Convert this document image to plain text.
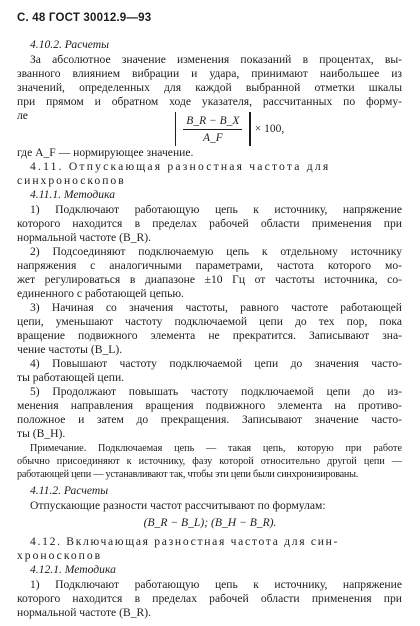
С. 48 ГОСТ 30012.9—93
4.10.2. Расчеты
За абсолютное значение изменения показаний в процентах, вы-
званного влиянием вибрации и удара, принимают наибольшее из
значений, определенных для каждой выбранной отметки шкалы
при прямом и обратном ходе указателя, рассчитанных по форму-
ле	$\frac{B\_R - B\_X}{A\_F} \times 100$,
где A_F — нормирующее значение.
4.11. Отпускающая разностная частота для
синхроноскопов
4.11.1. Методика
1) Подключают работающую цепь к источнику, напряжение
которого находится в пределах рабочей области применения при
нормальной частоте (B_R).
2) Подсоединяют подключаемую цепь к отдельному источнику
напряжения с аналогичными параметрами, частота которого мо-
жет регулироваться в диапазоне ±10 Гц от частоты источника, со-
единенного с работающей цепью.
3) Начиная со значения частоты, равного частоте работающей
цепи, уменьшают частоту подключаемой цепи до тех пор, пока
вращение подвижного элемента не прекратится. Записывают зна-
чение частоты (B_L).
4) Повышают частоту подключаемой цепи до значения часто-
ты работающей цепи.
5) Продолжают повышать частоту подключаемой цепи до из-
менения направления вращения подвижного элемента на противо-
положное и затем до прекращения. Записывают значение часто-
ты (B_H).
Примечание. Подключаемая цепь — такая цепь, которую при работе
обычно присоединяют к источнику, фазу которой относительно другой цепи —
работающей цепи — устанавливают так, чтобы эти цепи были синхронизированы.
4.11.2. Расчеты
Отпускающие разности частот рассчитывают по формулам:
(B_R − B_L); (B_H − B_R).
4.12. Включающая разностная частота для син-
хроноскопов
4.12.1. Методика
1) Подключают работающую цепь к источнику, напряжение
которого находится в пределах рабочей области применения при
нормальной частоте (B_R).
